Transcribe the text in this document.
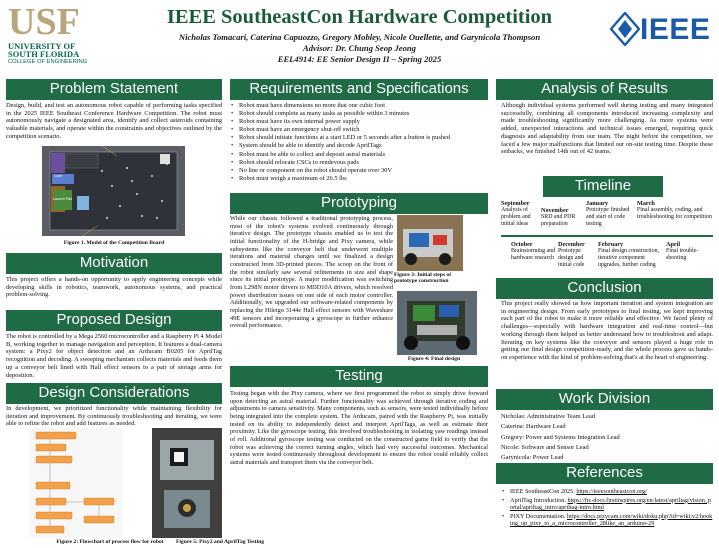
USF
UNIVERSITY OF
SOUTH FLORIDA
COLLEGE OF ENGINEERING
IEEE SoutheastCon Hardware Competition
Nicholas Tomacari, Caterina Capuozzo, Gregory Mobley, Nicole Ouellette, and Garynicola Thompson
Advisor: Dr. Chung Seop Jeong
EEL4914: EE Senior Design II – Spring 2025
IEEE
Problem Statement
Design, build, and test an autonomous robot capable of performing tasks specified in the 2025 IEEE Southeast Conference Hardware Competition. The robot must autonomously navigate a designated area, identify and collect asteroids containing valuable materials, and operate within the constraints and objectives outlined by the competition scenario.
Cave
Launch Pad
Figure 1. Model of the Competition Board
Motivation
This project offers a hands-on opportunity to apply engineering concepts while developing skills in robotics, teamwork, autonomous systems, and practical problem-solving.
Proposed Design
The robot is controlled by a Mega 2560 microcontroller and a Raspberry Pi 4 Model B, working together to manage navigation and perception. It features a dual-camera system: a Pixy2 for object detection and an Arducam B0205 for AprilTag recognition and decoding. A sweeping mechanism collects materials and feeds them up a conveyor belt lined with Hall effect sensors to a pair of storage arms for deposition.
Design Considerations
In development, we prioritized functionality while maintaining flexibility for iteration and improvement. By continuously troubleshooting and iterating, we were able to refine the robot and add features as needed.
Figure 2: Flowchart of process flow for robot	Figure 5: Pixy2 and AprilTag Testing
Requirements and Specifications
• Robot must have dimensions no more that one cubic foot
• Robot should complete as many tasks as possible within 3 minutes
• Robot must have its own internal power supply
• Robot must have an emergency shut-off switch
• Robot should initiate functions at a start LED or 5 seconds after a button is pushed
• System should be able to identify and decode AprilTags
• Robot must be able to collect and deposit astral materials
• Robot should relocate CSCs to rendevous pads
• No line or component on the robot should operate over 30V
• Robot must weigh a maximum of 26.5 lbs
Prototyping
While our chassis followed a traditional prototyping process, most of the robot's systems evolved continuously through iterative design. The prototype chassis enabled us to test the initial functionality of the H-bridge and Pixy camera, while subsystems like the conveyor belt that underwent multiple iterations and material changes until we finalized a design constructed from 3D-printed pieces. The scoop on the front of the robot similarly saw several refinements in size and shape since its initial prototype. A major modification was switching from L298N motor drivers to MDD10A drivers, which resolved power distribution issues on one side of each motor controller. Additionally, we upgraded our software-related components by replacing the Hiletgo 3144e Hall effect sensors with Waveshare 49E sensors and incorporating a gyroscope to further enhance overall performance.
Figure 3: Initial steps of prototype construction
Figure 4: Final design
Testing
Testing began with the Pixy camera, where we first programmed the robot to simply drive forward upon detecting an astral material. Further functionality was achieved through iterative coding and adjustments to camera sensitivity. Many components, such as sensors, were tested individually before being integrated into the complete system. The Arducam, paired with the Raspberry Pi, was initially tested on its ability to independently detect and interpret AprilTags, as well as estimate their proximity. Like the gyroscope testing, this involved troubleshooting in isolating yaw readings instead of roll. Additional gyroscope testing was conducted on the constructed game field to verify that the robot was achieving the correct turning angles, which had very successful outcomes. Mechanical systems were tested continuously throughout development to ensure the robot could reliably collect astral materials and transport them via the conveyor belt.
Analysis of Results
Although individual systems performed well during testing and many integrated successfully, combining all components introduced increasing complexity and made troubleshooting significantly more challenging. As more systems were added, unexpected interactions and technical issues emerged, requiring quick diagnosis and adaptability from our team. The night before the competition, we faced a few major malfunctions that limited our on-site testing time. Despite these setbacks, we finished 14th out of 42 teams.
Timeline
September
Analysis of problem and initial ideas
November
SRD and PDR preparation
January
Prototype finished and start of code testing
March
Final assembly, coding, and troubleshooting for competition
October
Brainstorming and hardware research
December
Prototype design and initial code
February
Final design construction, iterative component upgrades, further coding
April
Final trouble-shooting
Conclusion
This project really showed us how important iteration and system integration are in engineering design. From early prototypes to final testing, we kept improving each part of the robot to make it more reliable and effective. We faced plenty of challenges—especially with hardware integration and real-time control—but working through them helped us better understand how to troubleshoot and adapt. Iterating on key systems like the conveyor and sensors played a huge role in getting our final design competition-ready, and the whole process gave us hands-on experience with the kind of problem-solving that's at the heart of engineering.
Work Division
Nicholas: Administrative Team Lead
Caterina: Hardware Lead
Gregory: Power and Systems Integration Lead
Nicole: Software and Sensor Lead
Garynicola: Power Lead
References
• IEEE SoutheastCon 2025. https://ieeesoutheastcon.org/
• AprilTag Introduction. https://ftc-docs.firstinspires.org/en/latest/apriltag/vision_portal/apriltag_intro/apriltag-intro.html
• PIXY Documentation. https://docs.pixycam.com/wiki/doku.php?id=wiki:v2:hooking_up_pixy_to_a_microcontroller_28like_an_arduino-29
